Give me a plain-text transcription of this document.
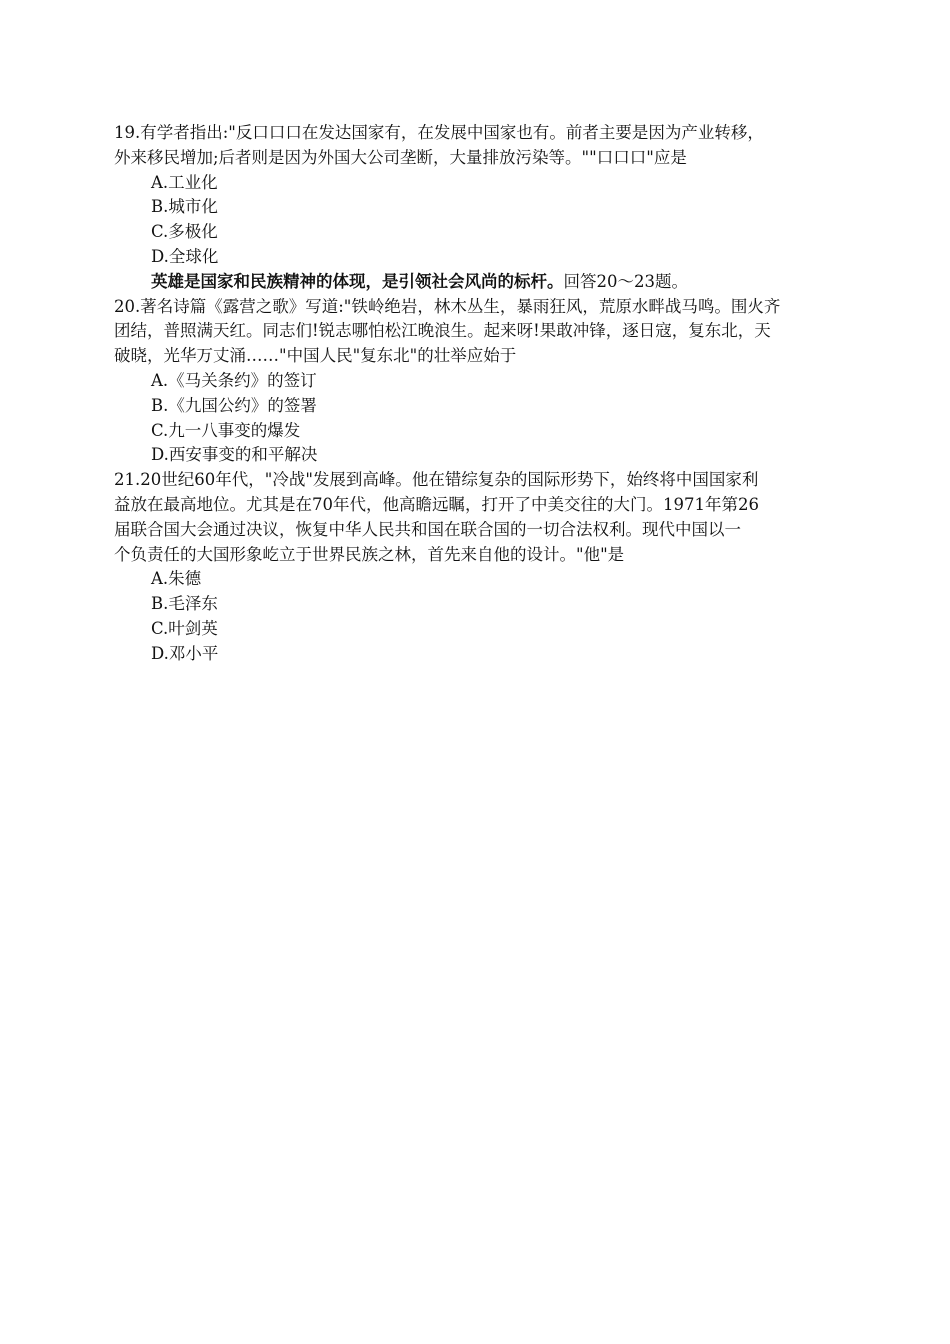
19.有学者指出:"反口口口在发达国家有，在发展中国家也有。前者主要是因为产业转移，
外来移民增加;后者则是因为外国大公司垄断，大量排放污染等。""口口口"应是
A.工业化
B.城市化
C.多极化
D.全球化
英雄是国家和民族精神的体现，是引领社会风尚的标杆。回答20～23题。
20.著名诗篇《露营之歌》写道:"铁岭绝岩，林木丛生，暴雨狂风，荒原水畔战马鸣。围火齐
团结，普照满天红。同志们!锐志哪怕松江晚浪生。起来呀!果敢冲锋，逐日寇，复东北，天
破晓，光华万丈涌……"中国人民"复东北"的壮举应始于
A.《马关条约》的签订
B.《九国公约》的签署
C.九一八事变的爆发
D.西安事变的和平解决
21.20世纪60年代，"冷战"发展到高峰。他在错综复杂的国际形势下，始终将中国国家利
益放在最高地位。尤其是在70年代，他高瞻远瞩，打开了中美交往的大门。1971年第26
届联合国大会通过决议，恢复中华人民共和国在联合国的一切合法权利。现代中国以一
个负责任的大国形象屹立于世界民族之林，首先来自他的设计。"他"是
A.朱德
B.毛泽东
C.叶剑英
D.邓小平
